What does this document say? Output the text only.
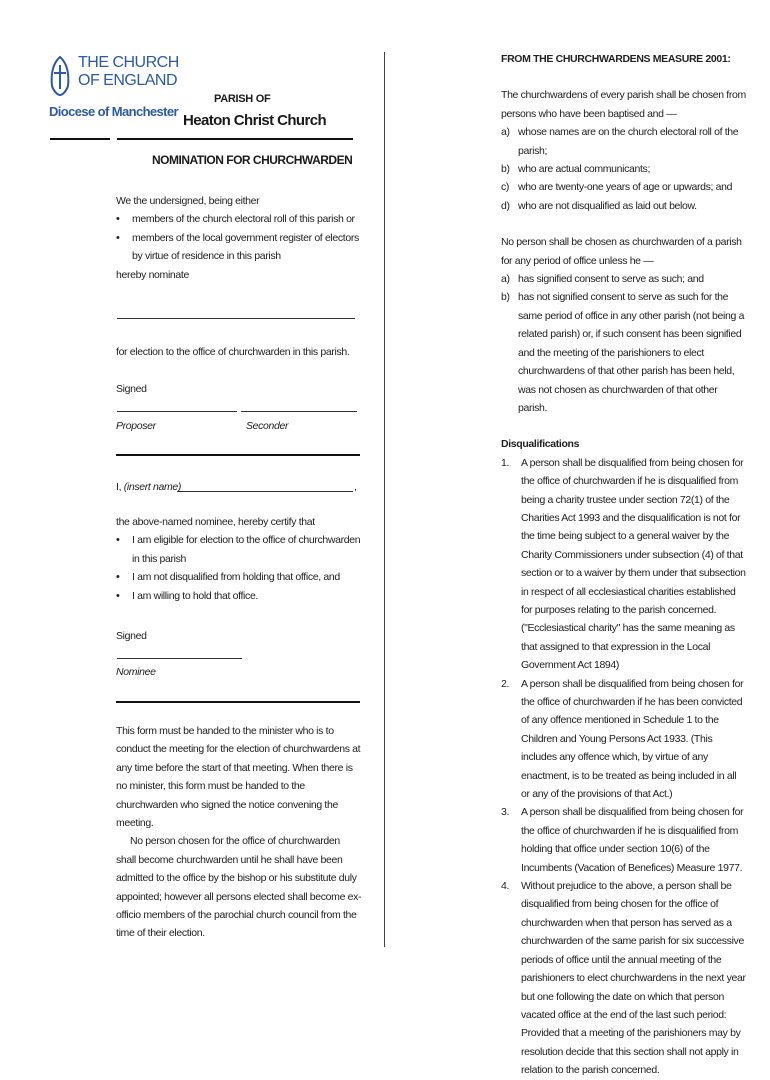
THE CHURCH
OF ENGLAND
Diocese of Manchester
PARISH OF
Heaton Christ Church
NOMINATION FOR CHURCHWARDEN
We the undersigned, being either
• members of the church electoral roll of this parish or
• members of the local government register of electors by virtue of residence in this parish
hereby nominate
for election to the office of churchwarden in this parish.
Signed
Proposer	Seconder
I, (insert name)	,
the above-named nominee, hereby certify that
• I am eligible for election to the office of churchwarden in this parish
• I am not disqualified from holding that office, and
• I am willing to hold that office.
Signed
Nominee
This form must be handed to the minister who is to conduct the meeting for the election of churchwardens at any time before the start of that meeting. When there is no minister, this form must be handed to the churchwarden who signed the notice convening the meeting.
No person chosen for the office of churchwarden shall become churchwarden until he shall have been admitted to the office by the bishop or his substitute duly appointed; however all persons elected shall become ex-officio members of the parochial church council from the time of their election.
FROM THE CHURCHWARDENS MEASURE 2001:
The churchwardens of every parish shall be chosen from persons who have been baptised and —
a) whose names are on the church electoral roll of the parish;
b) who are actual communicants;
c) who are twenty-one years of age or upwards; and
d) who are not disqualified as laid out below.
No person shall be chosen as churchwarden of a parish for any period of office unless he —
a) has signified consent to serve as such; and
b) has not signified consent to serve as such for the same period of office in any other parish (not being a related parish) or, if such consent has been signified and the meeting of the parishioners to elect churchwardens of that other parish has been held, was not chosen as churchwarden of that other parish.
Disqualifications
1. A person shall be disqualified from being chosen for the office of churchwarden if he is disqualified from being a charity trustee under section 72(1) of the Charities Act 1993 and the disqualification is not for the time being subject to a general waiver by the Charity Commissioners under subsection (4) of that section or to a waiver by them under that subsection in respect of all ecclesiastical charities established for purposes relating to the parish concerned.
("Ecclesiastical charity" has the same meaning as that assigned to that expression in the Local Government Act 1894)
2. A person shall be disqualified from being chosen for the office of churchwarden if he has been convicted of any offence mentioned in Schedule 1 to the Children and Young Persons Act 1933. (This includes any offence which, by virtue of any enactment, is to be treated as being included in all or any of the provisions of that Act.)
3. A person shall be disqualified from being chosen for the office of churchwarden if he is disqualified from holding that office under section 10(6) of the Incumbents (Vacation of Benefices) Measure 1977.
4. Without prejudice to the above, a person shall be disqualified from being chosen for the office of churchwarden when that person has served as a churchwarden of the same parish for six successive periods of office until the annual meeting of the parishioners to elect churchwardens in the next year but one following the date on which that person vacated office at the end of the last such period: Provided that a meeting of the parishioners may by resolution decide that this section shall not apply in relation to the parish concerned.
